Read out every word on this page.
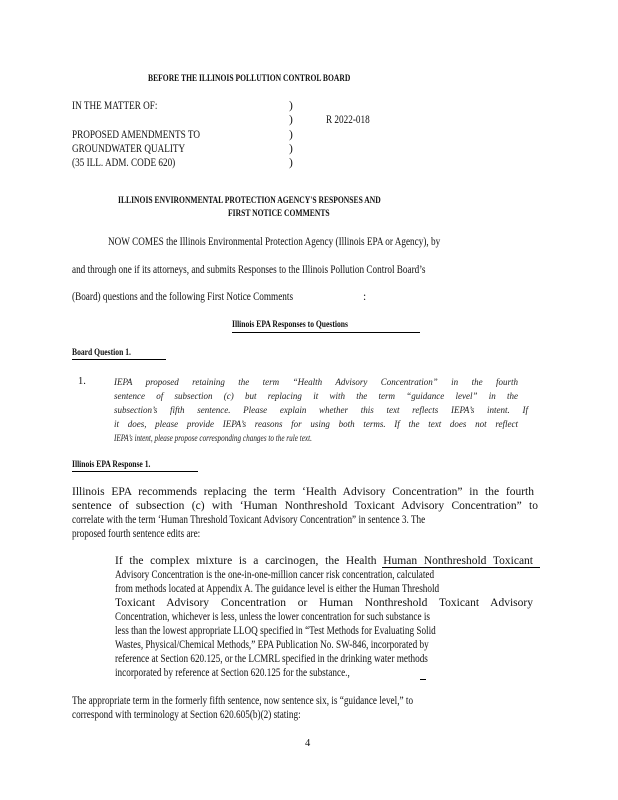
BEFORE THE ILLINOIS POLLUTION CONTROL BOARD
IN THE MATTER OF:
PROPOSED AMENDMENTS TO
GROUNDWATER QUALITY
(35 ILL. ADM. CODE 620)
)
)
)
)
)
R 2022-018
ILLINOIS ENVIRONMENTAL PROTECTION AGENCY'S RESPONSES AND
FIRST NOTICE COMMENTS
NOW COMES the Illinois Environmental Protection Agency (Illinois EPA or Agency), by
and through one if its attorneys, and submits Responses to the Illinois Pollution Control Board’s
(Board) questions and the following First Notice Comments	:
Illinois EPA Responses to Questions
Board Question 1.
1.	IEPA proposed retaining the term “Health Advisory Concentration” in the fourth
sentence of subsection (c) but replacing it with the term “guidance level” in the
subsection’s fifth sentence. Please explain whether this text reflects IEPA’s intent. If
it does, please provide IEPA’s reasons for using both terms. If the text does not reflect
IEPA’s intent, please propose corresponding changes to the rule text.
Illinois EPA Response 1.
Illinois EPA recommends replacing the term ‘Health Advisory Concentration” in the fourth
sentence of subsection (c) with ‘Human Nonthreshold Toxicant Advisory Concentration” to
correlate with the term ‘Human Threshold Toxicant Advisory Concentration” in sentence 3. The
proposed fourth sentence edits are:
If the complex mixture is a carcinogen, the Health Human Nonthreshold Toxicant
Advisory Concentration is the one-in-one-million cancer risk concentration, calculated
from methods located at Appendix A. The guidance level is either the Human Threshold
Toxicant Advisory Concentration or Human Nonthreshold Toxicant Advisory
Concentration, whichever is less, unless the lower concentration for such substance is
less than the lowest appropriate LLOQ specified in “Test Methods for Evaluating Solid
Wastes, Physical/Chemical Methods,” EPA Publication No. SW-846, incorporated by
reference at Section 620.125, or the LCMRL specified in the drinking water methods
incorporated by reference at Section 620.125 for the substance.,
The appropriate term in the formerly fifth sentence, now sentence six, is “guidance level,” to
correspond with terminology at Section 620.605(b)(2) stating:
4
